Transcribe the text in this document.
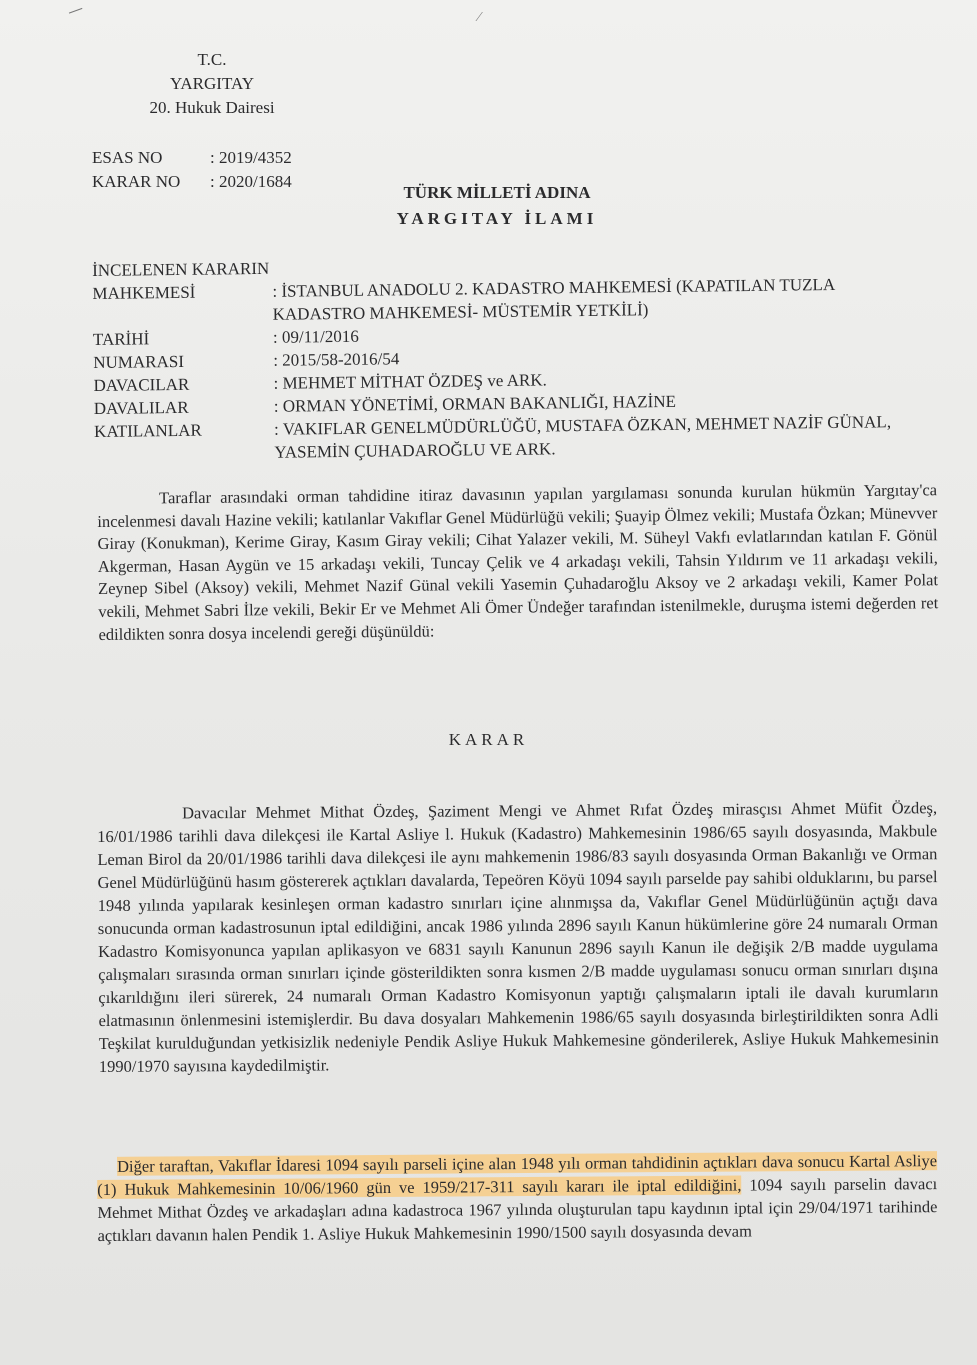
⁄
T.C.
YARGITAY
20. Hukuk Dairesi
ESAS NO	: 2019/4352
KARAR NO	: 2020/1684
TÜRK MİLLETİ ADINA
YARGITAY İLAMI
İNCELENEN KARARIN
MAHKEMESİ	: İSTANBUL ANADOLU 2. KADASTRO MAHKEMESİ (KAPATILAN TUZLA KADASTRO MAHKEMESİ- MÜSTEMİR YETKİLİ)
TARİHİ	: 09/11/2016
NUMARASI	: 2015/58-2016/54
DAVACILAR	: MEHMET MİTHAT ÖZDEŞ ve ARK.
DAVALILAR	: ORMAN YÖNETİMİ, ORMAN BAKANLIĞI, HAZİNE
KATILANLAR	: VAKIFLAR GENELMÜDÜRLÜĞÜ, MUSTAFA ÖZKAN, MEHMET NAZİF GÜNAL, YASEMİN ÇUHADAROĞLU VE ARK.
Taraflar arasındaki orman tahdidine itiraz davasının yapılan yargılaması sonunda kurulan hükmün Yargıtay'ca incelenmesi davalı Hazine vekili; katılanlar Vakıflar Genel Müdürlüğü vekili; Şuayip Ölmez vekili; Mustafa Özkan; Münevver Giray (Konukman), Kerime Giray, Kasım Giray vekili; Cihat Yalazer vekili, M. Süheyl Vakfı evlatlarından katılan F. Gönül Akgerman, Hasan Aygün ve 15 arkadaşı vekili, Tuncay Çelik ve 4 arkadaşı vekili, Tahsin Yıldırım ve 11 arkadaşı vekili, Zeynep Sibel (Aksoy) vekili, Mehmet Nazif Günal vekili Yasemin Çuhadaroğlu Aksoy ve 2 arkadaşı vekili, Kamer Polat vekili, Mehmet Sabri İlze vekili, Bekir Er ve Mehmet Ali Ömer Ündeğer tarafından istenilmekle, duruşma istemi değerden ret edildikten sonra dosya incelendi gereği düşünüldü:
KARAR
Davacılar Mehmet Mithat Özdeş, Şaziment Mengi ve Ahmet Rıfat Özdeş mirasçısı Ahmet Müfit Özdeş, 16/01/1986 tarihli dava dilekçesi ile Kartal Asliye l. Hukuk (Kadastro) Mahkemesinin 1986/65 sayılı dosyasında, Makbule Leman Birol da 20/01/1986 tarihli dava dilekçesi ile aynı mahkemenin 1986/83 sayılı dosyasında Orman Bakanlığı ve Orman Genel Müdürlüğünü hasım göstererek açtıkları davalarda, Tepeören Köyü 1094 sayılı parselde pay sahibi olduklarını, bu parsel 1948 yılında yapılarak kesinleşen orman kadastro sınırları içine alınmışsa da, Vakıflar Genel Müdürlüğünün açtığı dava sonucunda orman kadastrosunun iptal edildiğini, ancak 1986 yılında 2896 sayılı Kanun hükümlerine göre 24 numaralı Orman Kadastro Komisyonunca yapılan aplikasyon ve 6831 sayılı Kanunun 2896 sayılı Kanun ile değişik 2/B madde uygulama çalışmaları sırasında orman sınırları içinde gösterildikten sonra kısmen 2/B madde uygulaması sonucu orman sınırları dışına çıkarıldığını ileri sürerek, 24 numaralı Orman Kadastro Komisyonun yaptığı çalışmaların iptali ile davalı kurumların elatmasının önlenmesini istemişlerdir. Bu dava dosyaları Mahkemenin 1986/65 sayılı dosyasında birleştirildikten sonra Adli Teşkilat kurulduğundan yetkisizlik nedeniyle Pendik Asliye Hukuk Mahkemesine gönderilerek, Asliye Hukuk Mahkemesinin 1990/1970 sayısına kaydedilmiştir.
Diğer taraftan, Vakıflar İdaresi 1094 sayılı parseli içine alan 1948 yılı orman tahdidinin açtıkları dava sonucu Kartal Asliye (1) Hukuk Mahkemesinin 10/06/1960 gün ve 1959/217-311 sayılı kararı ile iptal edildiğini, 1094 sayılı parselin davacı Mehmet Mithat Özdeş ve arkadaşları adına kadastroca 1967 yılında oluşturulan tapu kaydının iptal için 29/04/1971 tarihinde açtıkları davanın halen Pendik 1. Asliye Hukuk Mahkemesinin 1990/1500 sayılı dosyasında devam
